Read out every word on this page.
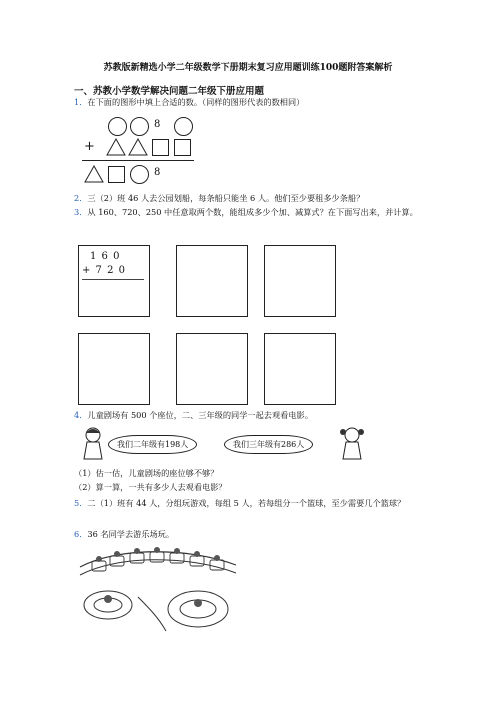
苏教版新精选小学二年级数学下册期末复习应用题训练100题附答案解析
一、苏教小学数学解决问题二年级下册应用题
1．在下面的图形中填上合适的数。（同样的图形代表的数相同）
8
+
8
2．三（2）班 46 人去公园划船，每条船只能坐 6 人。他们至少要租多少条船？
3．从 160、720、250 中任意取两个数，能组成多少个加、减算式？在下面写出来，并计算。
1 6 0
+ 7 2 0
4．儿童剧场有 500 个座位，二、三年级的同学一起去观看电影。
我们二年级有198人	我们三年级有286人
（1）估一估，儿童剧场的座位够不够？
（2）算一算，一共有多少人去观看电影？
5．二（1）班有 44 人，分组玩游戏，每组 5 人，若每组分一个篮球，至少需要几个篮球？
6．36 名同学去游乐场玩。
